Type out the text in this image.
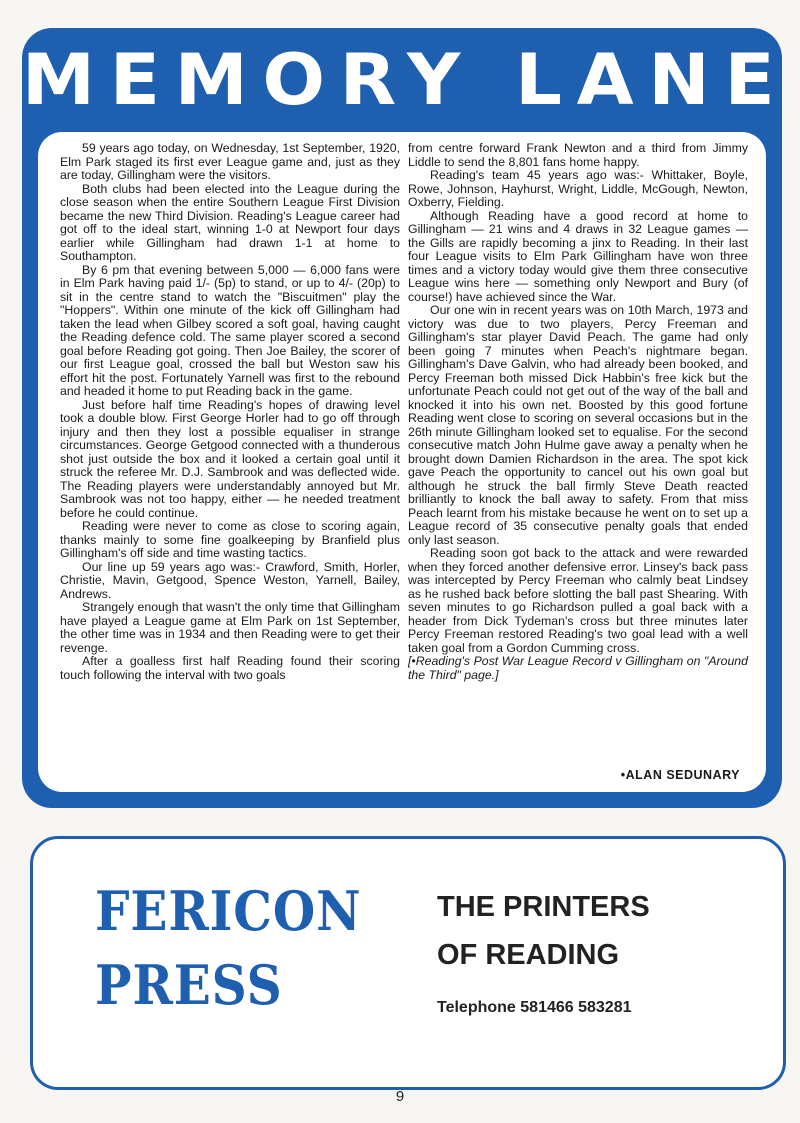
MEMORY LANE

59 years ago today, on Wednesday, 1st September, 1920, Elm Park staged its first ever League game and, just as they are today, Gillingham were the visitors.

Both clubs had been elected into the League during the close season when the entire Southern League First Division became the new Third Division. Reading's League career had got off to the ideal start, winning 1-0 at Newport four days earlier while Gillingham had drawn 1-1 at home to Southampton.

By 6 pm that evening between 5,000 — 6,000 fans were in Elm Park having paid 1/- (5p) to stand, or up to 4/- (20p) to sit in the centre stand to watch the "Biscuitmen" play the "Hoppers". Within one minute of the kick off Gillingham had taken the lead when Gilbey scored a soft goal, having caught the Reading defence cold. The same player scored a second goal before Reading got going. Then Joe Bailey, the scorer of our first League goal, crossed the ball but Weston saw his effort hit the post. Fortunately Yarnell was first to the rebound and headed it home to put Reading back in the game.

Just before half time Reading's hopes of drawing level took a double blow. First George Horler had to go off through injury and then they lost a possible equaliser in strange circumstances. George Getgood connected with a thunderous shot just outside the box and it looked a certain goal until it struck the referee Mr. D.J. Sambrook and was deflected wide. The Reading players were understandably annoyed but Mr. Sambrook was not too happy, either — he needed treatment before he could continue.

Reading were never to come as close to scoring again, thanks mainly to some fine goalkeeping by Branfield plus Gillingham's off side and time wasting tactics.

Our line up 59 years ago was:- Crawford, Smith, Horler, Christie, Mavin, Getgood, Spence Weston, Yarnell, Bailey, Andrews.

Strangely enough that wasn't the only time that Gillingham have played a League game at Elm Park on 1st September, the other time was in 1934 and then Reading were to get their revenge.

After a goalless first half Reading found their scoring touch following the interval with two goals

from centre forward Frank Newton and a third from Jimmy Liddle to send the 8,801 fans home happy.

Reading's team 45 years ago was:- Whittaker, Boyle, Rowe, Johnson, Hayhurst, Wright, Liddle, McGough, Newton, Oxberry, Fielding.

Although Reading have a good record at home to Gillingham — 21 wins and 4 draws in 32 League games — the Gills are rapidly becoming a jinx to Reading. In their last four League visits to Elm Park Gillingham have won three times and a victory today would give them three consecutive League wins here — something only Newport and Bury (of course!) have achieved since the War.

Our one win in recent years was on 10th March, 1973 and victory was due to two players, Percy Freeman and Gillingham's star player David Peach. The game had only been going 7 minutes when Peach's nightmare began. Gillingham's Dave Galvin, who had already been booked, and Percy Freeman both missed Dick Habbin's free kick but the unfortunate Peach could not get out of the way of the ball and knocked it into his own net. Boosted by this good fortune Reading went close to scoring on several occasions but in the 26th minute Gillingham looked set to equalise. For the second consecutive match John Hulme gave away a penalty when he brought down Damien Richardson in the area. The spot kick gave Peach the opportunity to cancel out his own goal but although he struck the ball firmly Steve Death reacted brilliantly to knock the ball away to safety. From that miss Peach learnt from his mistake because he went on to set up a League record of 35 consecutive penalty goals that ended only last season.

Reading soon got back to the attack and were rewarded when they forced another defensive error. Linsey's back pass was intercepted by Percy Freeman who calmly beat Lindsey as he rushed back before slotting the ball past Shearing. With seven minutes to go Richardson pulled a goal back with a header from Dick Tydeman's cross but three minutes later Percy Freeman restored Reading's two goal lead with a well taken goal from a Gordon Cumming cross.

[•Reading's Post War League Record v Gillingham on "Around the Third" page.]

•ALAN SEDUNARY
FERICON
PRESS
THE PRINTERS
OF READING
Telephone 581466 583281
9
